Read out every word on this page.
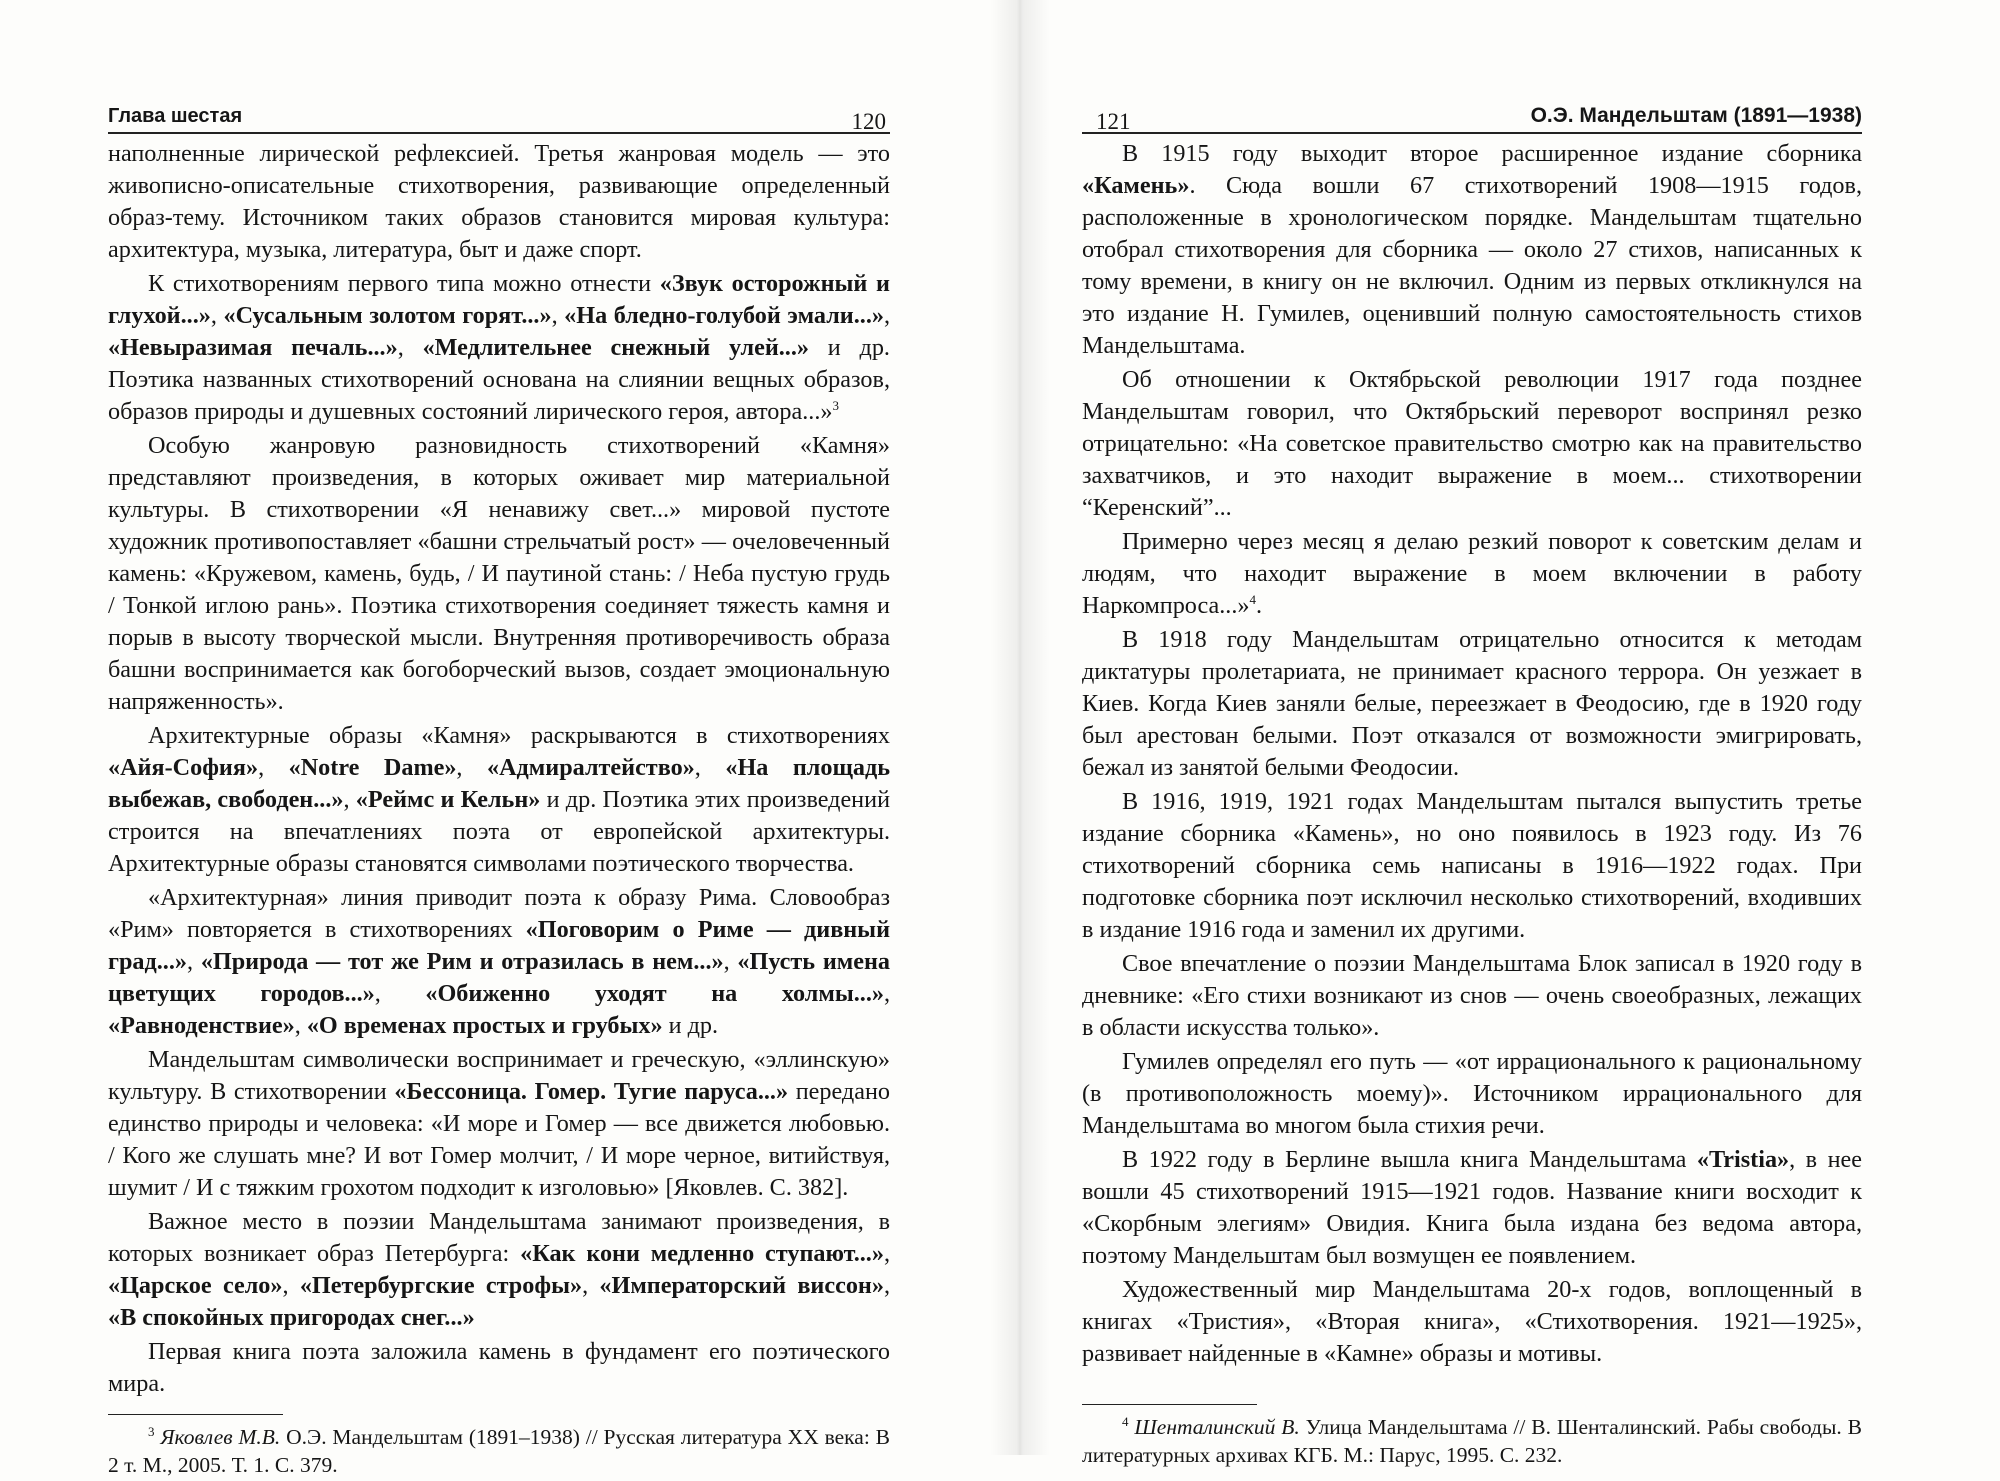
Глава шестая	120

наполненные лирической рефлексией. Третья жанровая модель — это живописно-описательные стихотворения, развивающие определенный образ-тему. Источником таких образов становится мировая культура: архитектура, музыка, литература, быт и даже спорт.

К стихотворениям первого типа можно отнести «Звук осторожный и глухой...», «Сусальным золотом горят...», «На бледно-голубой эмали...», «Невыразимая печаль...», «Медлительнее снежный улей...» и др. Поэтика названных стихотворений основана на слиянии вещных образов, образов природы и душевных состояний лирического героя, автора...»$^3$

Особую жанровую разновидность стихотворений «Камня» представляют произведения, в которых оживает мир материальной культуры. В стихотворении «Я ненавижу свет...» мировой пустоте художник противопоставляет «башни стрельчатый рост» — очеловеченный камень: «Кружевом, камень, будь, / И паутиной стань: / Неба пустую грудь / Тонкой иглою рань». Поэтика стихотворения соединяет тяжесть камня и порыв в высоту творческой мысли. Внутренняя противоречивость образа башни воспринимается как богоборческий вызов, создает эмоциональную напряженность».

Архитектурные образы «Камня» раскрываются в стихотворениях «Айя-София», «Notre Dame», «Адмиралтейство», «На площадь выбежав, свободен...», «Реймс и Кельн» и др. Поэтика этих произведений строится на впечатлениях поэта от европейской архитектуры. Архитектурные образы становятся символами поэтического творчества.

«Архитектурная» линия приводит поэта к образу Рима. Словообраз «Рим» повторяется в стихотворениях «Поговорим о Риме — дивный град...», «Природа — тот же Рим и отразилась в нем...», «Пусть имена цветущих городов...», «Обиженно уходят на холмы...», «Равноденствие», «О временах простых и грубых» и др.

Мандельштам символически воспринимает и греческую, «эллинскую» культуру. В стихотворении «Бессоница. Гомер. Тугие паруса...» передано единство природы и человека: «И море и Гомер — все движется любовью. / Кого же слушать мне? И вот Гомер молчит, / И море черное, витийствуя, шумит / И с тяжким грохотом подходит к изголовью» [Яковлев. С. 382].

Важное место в поэзии Мандельштама занимают произведения, в которых возникает образ Петербурга: «Как кони медленно ступают...», «Царское село», «Петербургские строфы», «Императорский виссон», «В спокойных пригородах снег...»

Первая книга поэта заложила камень в фундамент его поэтического мира.

$^3$ Яковлев М.В. О.Э. Мандельштам (1891–1938) // Русская литература XX века: В 2 т. М., 2005. Т. 1. С. 379.

121	О.Э. Мандельштам (1891—1938)

В 1915 году выходит второе расширенное издание сборника «Камень». Сюда вошли 67 стихотворений 1908—1915 годов, расположенные в хронологическом порядке. Мандельштам тщательно отобрал стихотворения для сборника — около 27 стихов, написанных к тому времени, в книгу он не включил. Одним из первых откликнулся на это издание Н. Гумилев, оценивший полную самостоятельность стихов Мандельштама.

Об отношении к Октябрьской революции 1917 года позднее Мандельштам говорил, что Октябрьский переворот воспринял резко отрицательно: «На советское правительство смотрю как на правительство захватчиков, и это находит выражение в моем... стихотворении “Керенский”...

Примерно через месяц я делаю резкий поворот к советским делам и людям, что находит выражение в моем включении в работу Наркомпроса...»$^4$.

В 1918 году Мандельштам отрицательно относится к методам диктатуры пролетариата, не принимает красного террора. Он уезжает в Киев. Когда Киев заняли белые, переезжает в Феодосию, где в 1920 году был арестован белыми. Поэт отказался от возможности эмигрировать, бежал из занятой белыми Феодосии.

В 1916, 1919, 1921 годах Мандельштам пытался выпустить третье издание сборника «Камень», но оно появилось в 1923 году. Из 76 стихотворений сборника семь написаны в 1916—1922 годах. При подготовке сборника поэт исключил несколько стихотворений, входивших в издание 1916 года и заменил их другими.

Свое впечатление о поэзии Мандельштама Блок записал в 1920 году в дневнике: «Его стихи возникают из снов — очень своеобразных, лежащих в области искусства только».

Гумилев определял его путь — «от иррационального к рациональному (в противоположность моему)». Источником иррационального для Мандельштама во многом была стихия речи.

В 1922 году в Берлине вышла книга Мандельштама «Tristia», в нее вошли 45 стихотворений 1915—1921 годов. Название книги восходит к «Скорбным элегиям» Овидия. Книга была издана без ведома автора, поэтому Мандельштам был возмущен ее появлением.

Художественный мир Мандельштама 20-х годов, воплощенный в книгах «Тристия», «Вторая книга», «Стихотворения. 1921—1925», развивает найденные в «Камне» образы и мотивы.

$^4$ Шенталинский В. Улица Мандельштама // В. Шенталинский. Рабы свободы. В литературных архивах КГБ. М.: Парус, 1995. С. 232.
